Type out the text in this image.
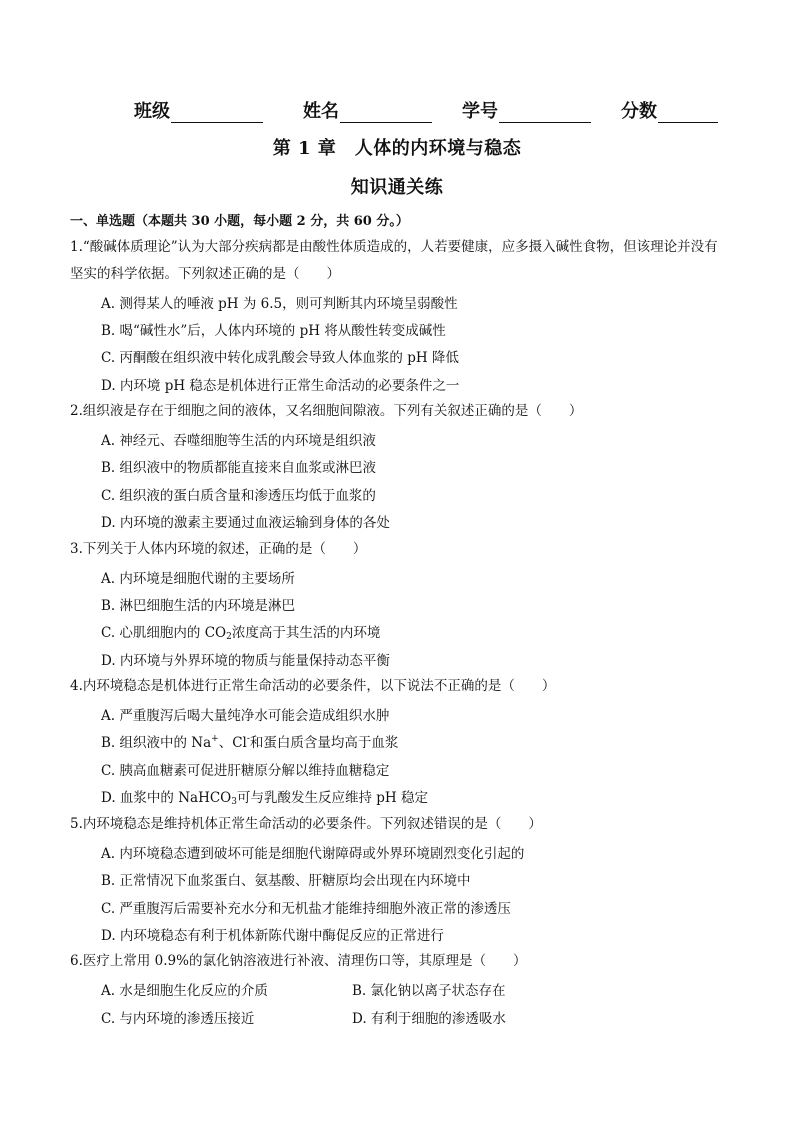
班级	姓名	学号	分数
第 1 章　人体的内环境与稳态
知识通关练
一、单选题（本题共 30 小题，每小题 2 分，共 60 分。）
1.“酸碱体质理论”认为大部分疾病都是由酸性体质造成的，人若要健康，应多摄入碱性食物，但该理论并没有坚实的科学依据。下列叙述正确的是（　　）
A. 测得某人的唾液 pH 为 6.5，则可判断其内环境呈弱酸性
B. 喝“碱性水”后，人体内环境的 pH 将从酸性转变成碱性
C. 丙酮酸在组织液中转化成乳酸会导致人体血浆的 pH 降低
D. 内环境 pH 稳态是机体进行正常生命活动的必要条件之一
2.组织液是存在于细胞之间的液体，又名细胞间隙液。下列有关叙述正确的是（　　）
A. 神经元、吞噬细胞等生活的内环境是组织液
B. 组织液中的物质都能直接来自血浆或淋巴液
C. 组织液的蛋白质含量和渗透压均低于血浆的
D. 内环境的激素主要通过血液运输到身体的各处
3.下列关于人体内环境的叙述，正确的是（　　）
A. 内环境是细胞代谢的主要场所
B. 淋巴细胞生活的内环境是淋巴
C. 心肌细胞内的 $CO_2$浓度高于其生活的内环境
D. 内环境与外界环境的物质与能量保持动态平衡
4.内环境稳态是机体进行正常生命活动的必要条件，以下说法不正确的是（　　）
A. 严重腹泻后喝大量纯净水可能会造成组织水肿
B. 组织液中的 Na+、Cl-和蛋白质含量均高于血浆
C. 胰高血糖素可促进肝糖原分解以维持血糖稳定
D. 血浆中的 NaHCO$_3$可与乳酸发生反应维持 pH 稳定
5.内环境稳态是维持机体正常生命活动的必要条件。下列叙述错误的是（　　）
A. 内环境稳态遭到破坏可能是细胞代谢障碍或外界环境剧烈变化引起的
B. 正常情况下血浆蛋白、氨基酸、肝糖原均会出现在内环境中
C. 严重腹泻后需要补充水分和无机盐才能维持细胞外液正常的渗透压
D. 内环境稳态有利于机体新陈代谢中酶促反应的正常进行
6.医疗上常用 0.9%的氯化钠溶液进行补液、清理伤口等，其原理是（　　）
A. 水是细胞生化反应的介质	B. 氯化钠以离子状态存在
C. 与内环境的渗透压接近	D. 有利于细胞的渗透吸水
